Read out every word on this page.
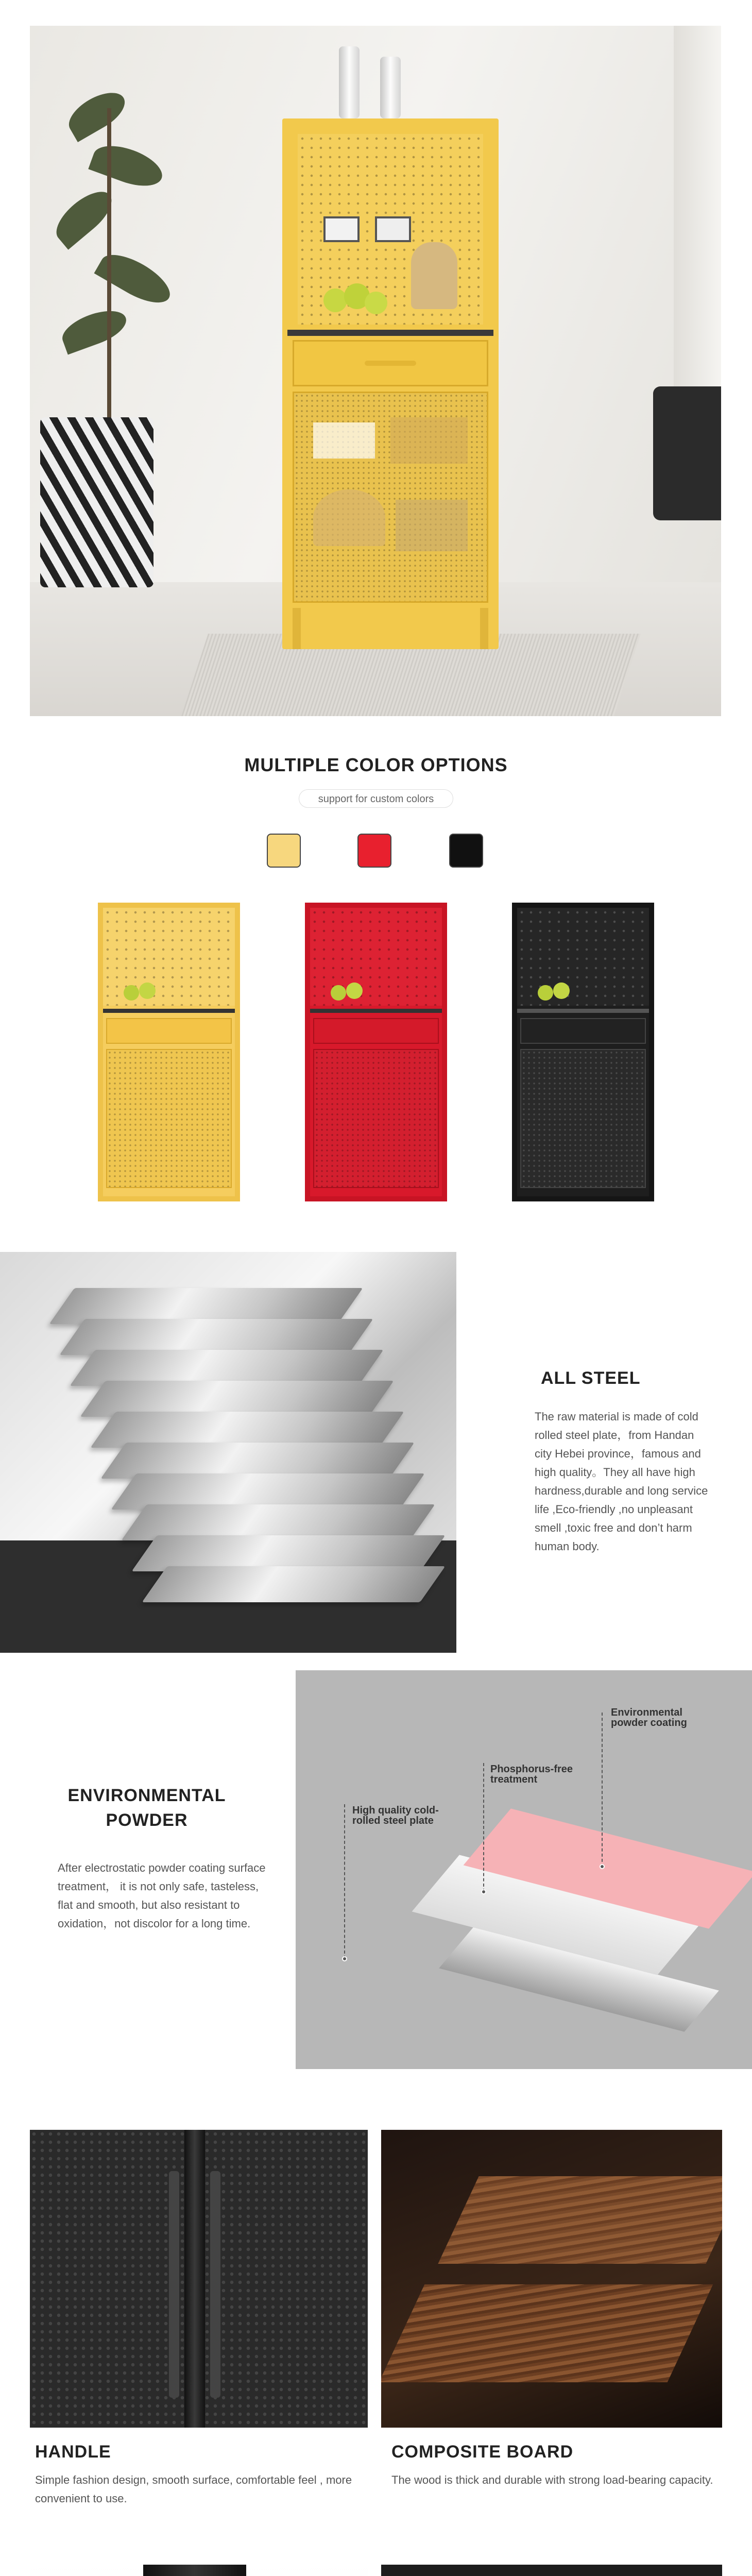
MULTIPLE COLOR OPTIONS
support for custom colors
ALL STEEL
The raw material is made of cold rolled steel plate，from Handan city Hebei province，famous and high quality。They all have high hardness,durable and long service life ,Eco-friendly ,no unpleasant smell ,toxic free and don’t harm human body.
ENVIRONMENTAL
POWDER
After electrostatic powder coating surface treatment， it is not only safe, tasteless, flat and smooth, but also resistant to oxidation，not discolor for a long time.
Environmental powder coating
Phosphorus-free treatment
High quality cold-rolled steel plate
HANDLE
Simple fashion design, smooth surface, comfortable feel , more convenient to use.
COMPOSITE BOARD
The wood is thick and durable with strong load-bearing capacity.
